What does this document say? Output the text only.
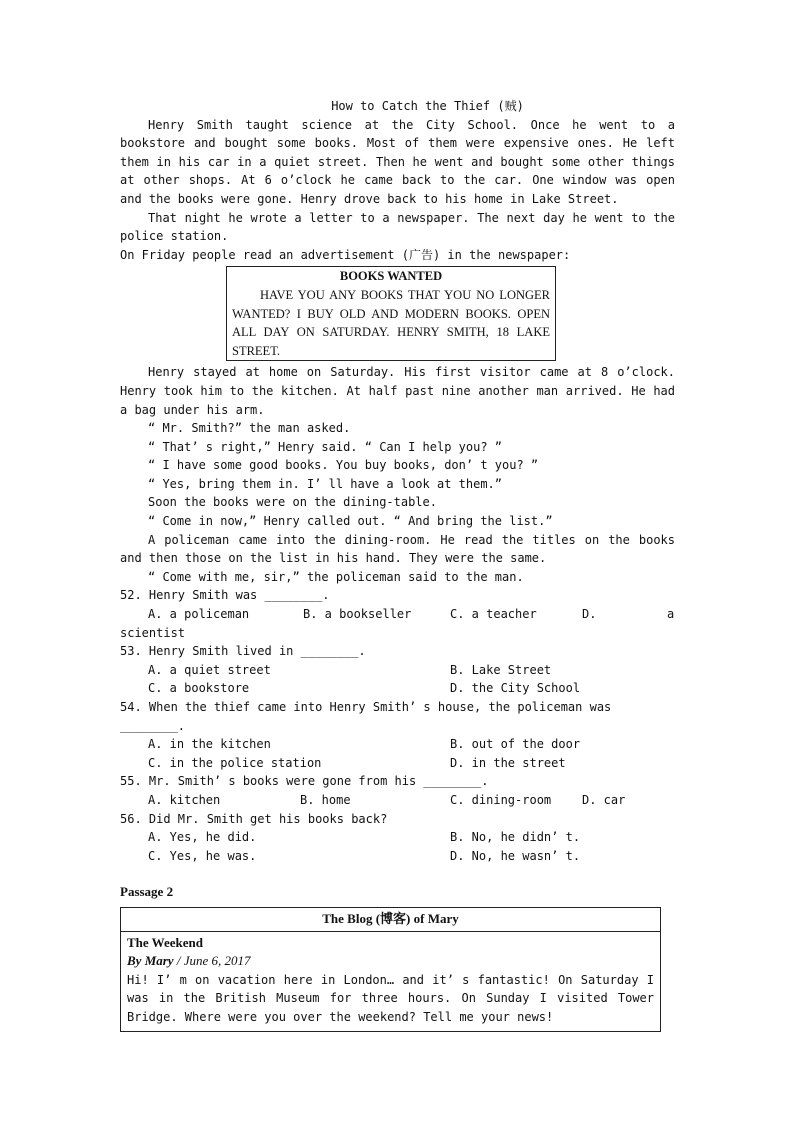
How to Catch the Thief (贼)
Henry Smith taught science at the City School. Once he went to a bookstore and bought some books. Most of them were expensive ones. He left them in his car in a quiet street. Then he went and bought some other things at other shops. At 6 o’clock he came back to the car. One window was open and the books were gone. Henry drove back to his home in Lake Street.
That night he wrote a letter to a newspaper. The next day he went to the police station.
On Friday people read an advertisement (广告) in the newspaper:
BOOKS WANTED
HAVE YOU ANY BOOKS THAT YOU NO LONGER WANTED? I BUY OLD AND MODERN BOOKS. OPEN ALL DAY ON SATURDAY. HENRY SMITH, 18 LAKE STREET.
Henry stayed at home on Saturday. His first visitor came at 8 o’clock. Henry took him to the kitchen. At half past nine another man arrived. He had a bag under his arm.
“ Mr. Smith?” the man asked.
“ That’ s right,” Henry said. “ Can I help you? ”
“ I have some good books. You buy books, don’ t you? ”
“ Yes, bring them in. I’ ll have a look at them.”
Soon the books were on the dining-table.
“ Come in now,” Henry called out. “ And bring the list.”
A policeman came into the dining-room. He read the titles on the books and then those on the list in his hand. They were the same.
“ Come with me, sir,” the policeman said to the man.
52. Henry Smith was ________.
A. a policeman	B. a bookseller	C. a teacher	D.	a
scientist
53. Henry Smith lived in ________.
A. a quiet street	B. Lake Street
C. a bookstore	D. the City School
54. When the thief came into Henry Smith’ s house, the policeman was ________.
A. in the kitchen	B. out of the door
C. in the police station	D. in the street
55. Mr. Smith’ s books were gone from his ________.
A. kitchen	B. home	C. dining-room	D. car
56. Did Mr. Smith get his books back?
A. Yes, he did.	B. No, he didn’ t.
C. Yes, he was.	D. No, he wasn’ t.
Passage 2
The Blog (博客) of Mary
The Weekend
By Mary / June 6, 2017
Hi! I’ m on vacation here in London… and it’ s fantastic! On Saturday I was in the British Museum for three hours. On Sunday I visited Tower Bridge. Where were you over the weekend? Tell me your news!
